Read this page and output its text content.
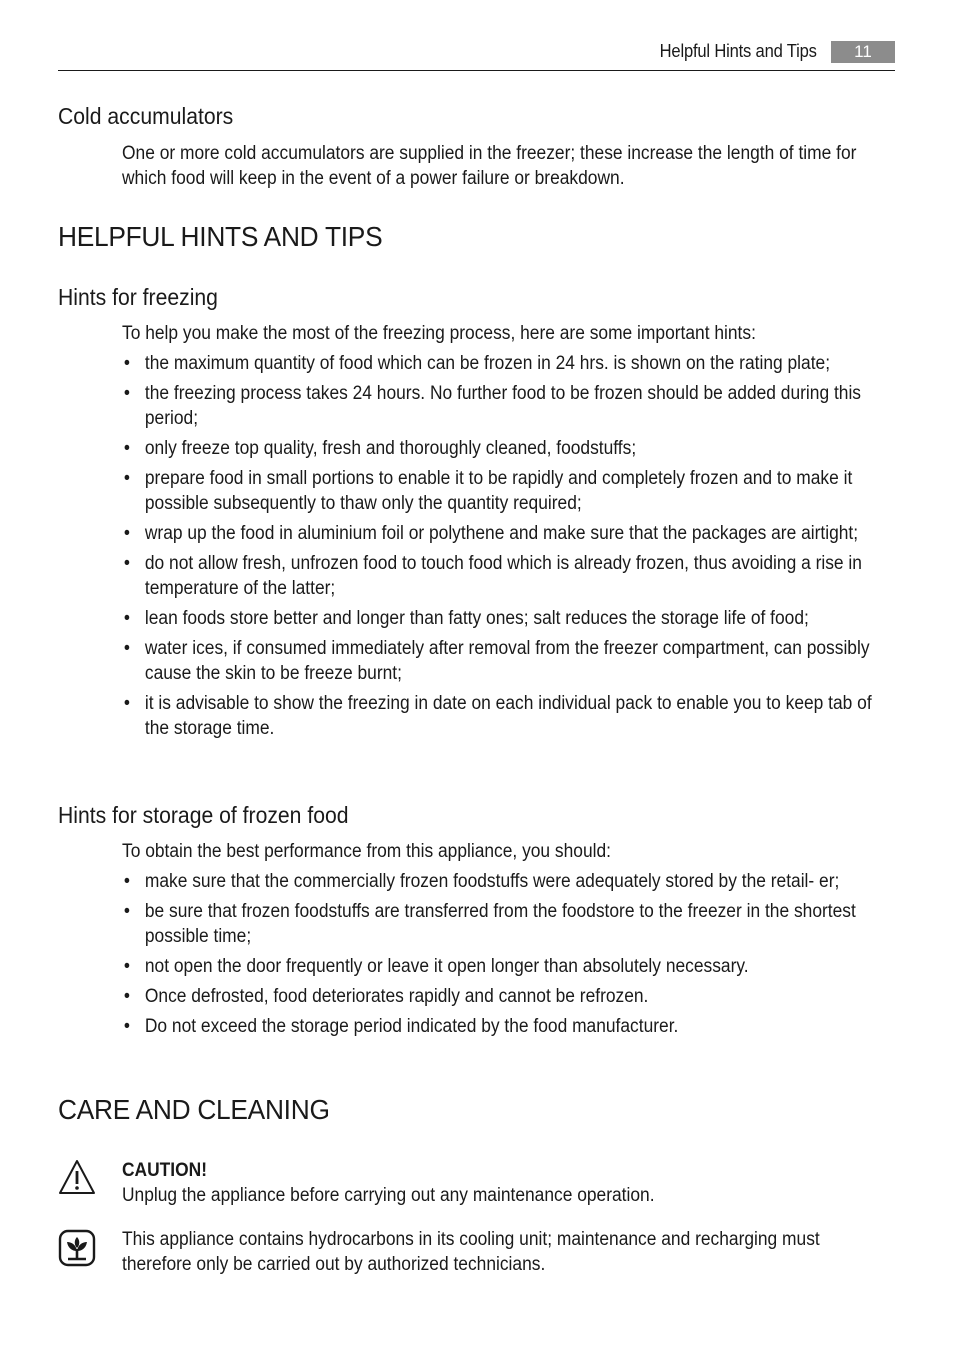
Helpful Hints and Tips	11
Cold accumulators

One or more cold accumulators are supplied in the freezer; these increase the length of time for which food will keep in the event of a power failure or breakdown.

HELPFUL HINTS AND TIPS
Hints for freezing

To help you make the most of the freezing process, here are some important hints:

• the maximum quantity of food which can be frozen in 24 hrs. is shown on the rating plate;
• the freezing process takes 24 hours. No further food to be frozen should be added during this period;
• only freeze top quality, fresh and thoroughly cleaned, foodstuffs;
• prepare food in small portions to enable it to be rapidly and completely frozen and to make it possible subsequently to thaw only the quantity required;
• wrap up the food in aluminium foil or polythene and make sure that the packages are airtight;
• do not allow fresh, unfrozen food to touch food which is already frozen, thus avoiding a rise in temperature of the latter;
• lean foods store better and longer than fatty ones; salt reduces the storage life of food;
• water ices, if consumed immediately after removal from the freezer compartment, can possibly cause the skin to be freeze burnt;
• it is advisable to show the freezing in date on each individual pack to enable you to keep tab of the storage time.
Hints for storage of frozen food

To obtain the best performance from this appliance, you should:

• make sure that the commercially frozen foodstuffs were adequately stored by the retail- er;
• be sure that frozen foodstuffs are transferred from the foodstore to the freezer in the shortest possible time;
• not open the door frequently or leave it open longer than absolutely necessary.
• Once defrosted, food deteriorates rapidly and cannot be refrozen.
• Do not exceed the storage period indicated by the food manufacturer.
CARE AND CLEANING

CAUTION!
Unplug the appliance before carrying out any maintenance operation.

This appliance contains hydrocarbons in its cooling unit; maintenance and recharging must therefore only be carried out by authorized technicians.
